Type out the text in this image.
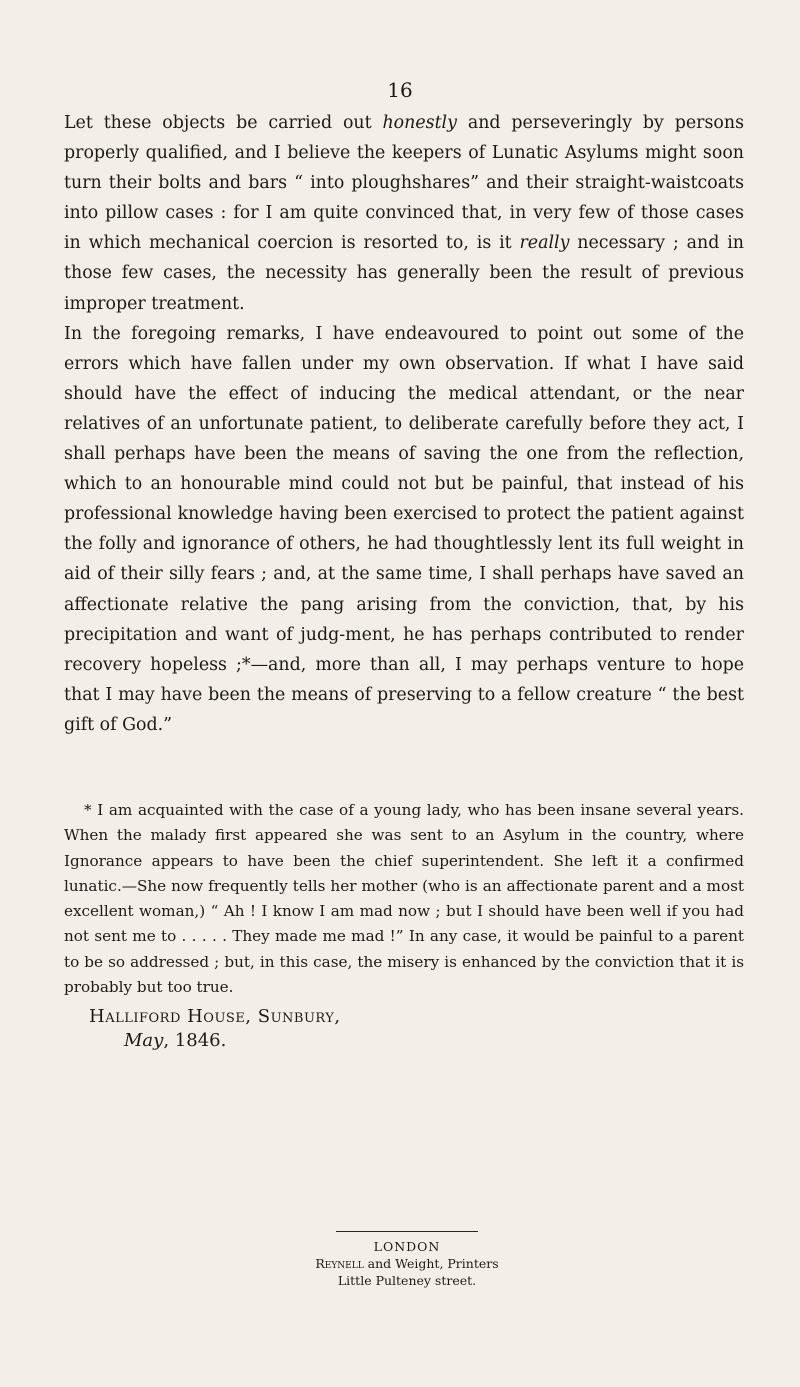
16

Let these objects be carried out honestly and perseveringly by persons properly qualified, and I believe the keepers of Lunatic Asylums might soon turn their bolts and bars “ into ploughshares” and their straight-waistcoats into pillow cases : for I am quite convinced that, in very few of those cases in which mechanical coercion is resorted to, is it really necessary ; and in those few cases, the necessity has generally been the result of previous improper treatment.

In the foregoing remarks, I have endeavoured to point out some of the errors which have fallen under my own observation. If what I have said should have the effect of inducing the medical attendant, or the near relatives of an unfortunate patient, to deliberate carefully before they act, I shall perhaps have been the means of saving the one from the reflection, which to an honourable mind could not but be painful, that instead of his professional knowledge having been exercised to protect the patient against the folly and ignorance of others, he had thoughtlessly lent its full weight in aid of their silly fears ; and, at the same time, I shall perhaps have saved an affectionate relative the pang arising from the conviction, that, by his precipitation and want of judg-ment, he has perhaps contributed to render recovery hopeless ;*—and, more than all, I may perhaps venture to hope that I may have been the means of preserving to a fellow creature “ the best gift of God.”

* I am acquainted with the case of a young lady, who has been insane several years. When the malady first appeared she was sent to an Asylum in the country, where Ignorance appears to have been the chief superintendent. She left it a confirmed lunatic.—She now frequently tells her mother (who is an affectionate parent and a most excellent woman,) “ Ah ! I know I am mad now ; but I should have been well if you had not sent me to . . . . . They made me mad !” In any case, it would be painful to a parent to be so addressed ; but, in this case, the misery is enhanced by the conviction that it is probably but too true.

Halliford House, Sunbury,
May, 1846.
LONDON
Reynell and Weight, Printers
Little Pulteney street.
